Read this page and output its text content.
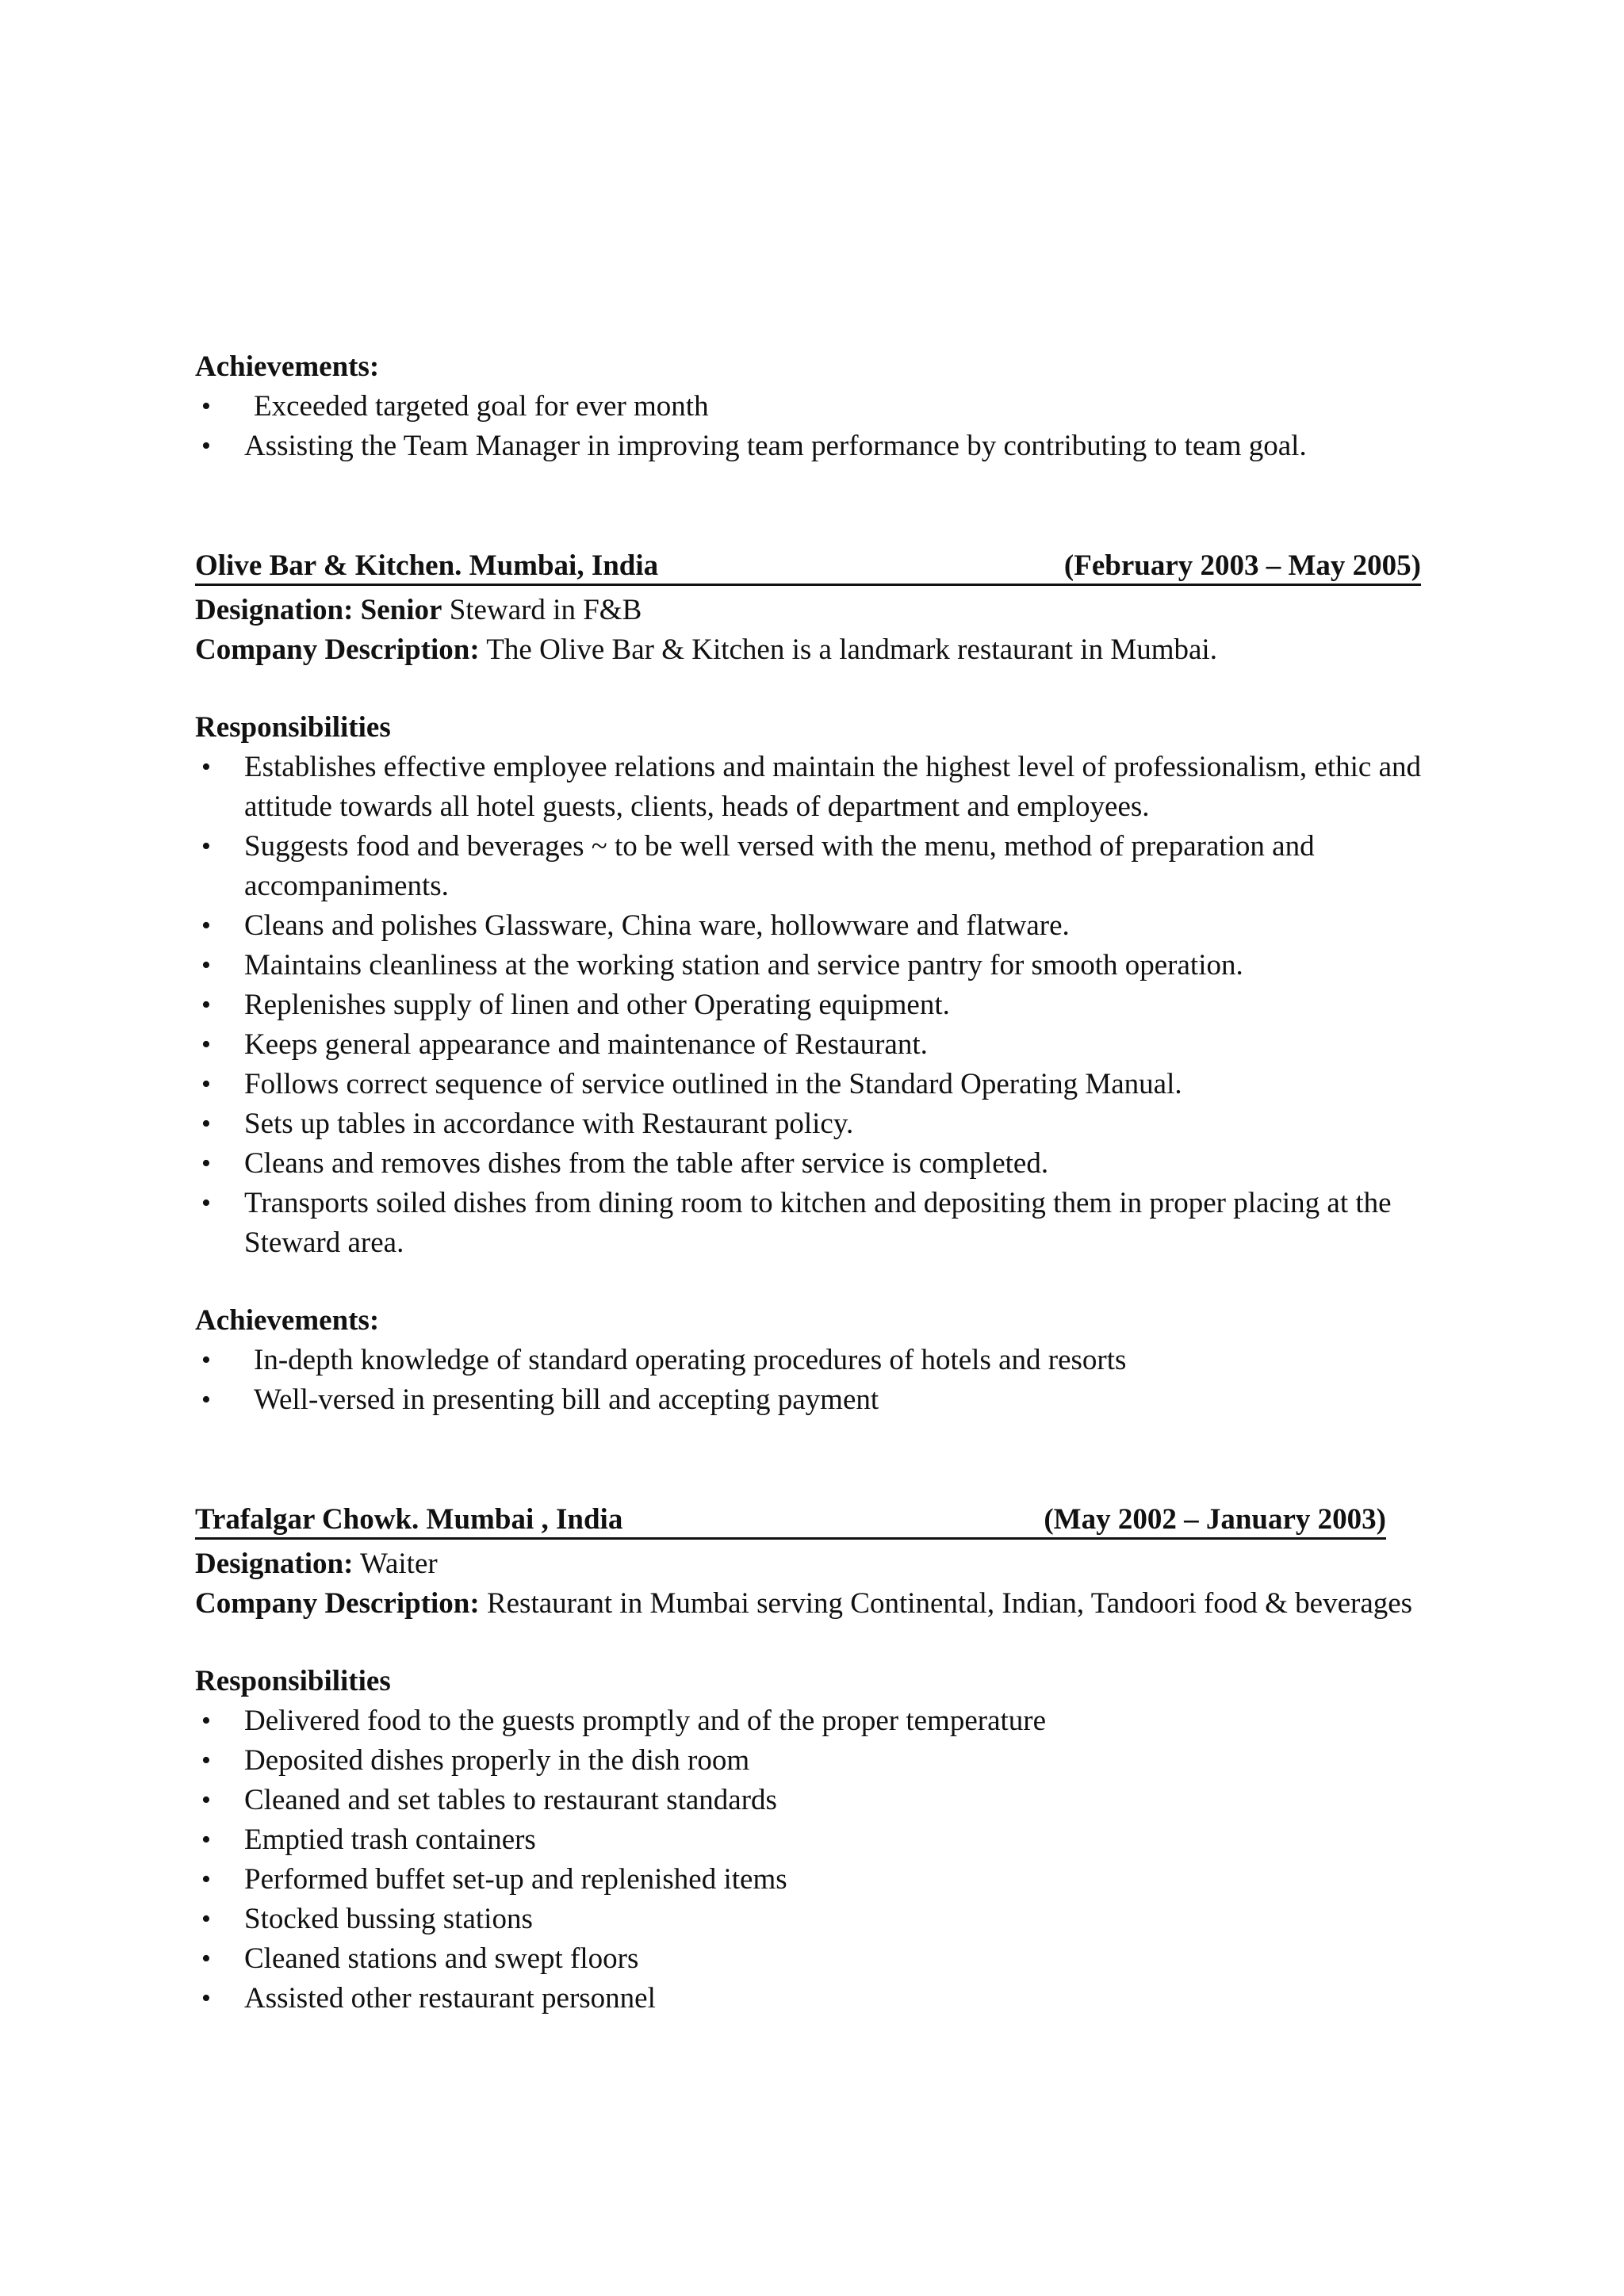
Achievements:
• Exceeded targeted goal for ever month
• Assisting the Team Manager in improving team performance by contributing to team goal.
Olive Bar & Kitchen. Mumbai, India	(February 2003 – May 2005)
Designation: Senior Steward in F&B
Company Description: The Olive Bar & Kitchen is a landmark restaurant in Mumbai.
Responsibilities
• Establishes effective employee relations and maintain the highest level of professionalism, ethic and attitude towards all hotel guests, clients, heads of department and employees.
• Suggests food and beverages ~ to be well versed with the menu, method of preparation and accompaniments.
• Cleans and polishes Glassware, China ware, hollowware and flatware.
• Maintains cleanliness at the working station and service pantry for smooth operation.
• Replenishes supply of linen and other Operating equipment.
• Keeps general appearance and maintenance of Restaurant.
• Follows correct sequence of service outlined in the Standard Operating Manual.
• Sets up tables in accordance with Restaurant policy.
• Cleans and removes dishes from the table after service is completed.
• Transports soiled dishes from dining room to kitchen and depositing them in proper placing at the Steward area.
Achievements:
• In-depth knowledge of standard operating procedures of hotels and resorts
• Well-versed in presenting bill and accepting payment
Trafalgar Chowk. Mumbai , India	(May 2002 – January 2003)
Designation: Waiter
Company Description: Restaurant in Mumbai serving Continental, Indian, Tandoori food & beverages
Responsibilities
• Delivered food to the guests promptly and of the proper temperature
• Deposited dishes properly in the dish room
• Cleaned and set tables to restaurant standards
• Emptied trash containers
• Performed buffet set-up and replenished items
• Stocked bussing stations
• Cleaned stations and swept floors
• Assisted other restaurant personnel
